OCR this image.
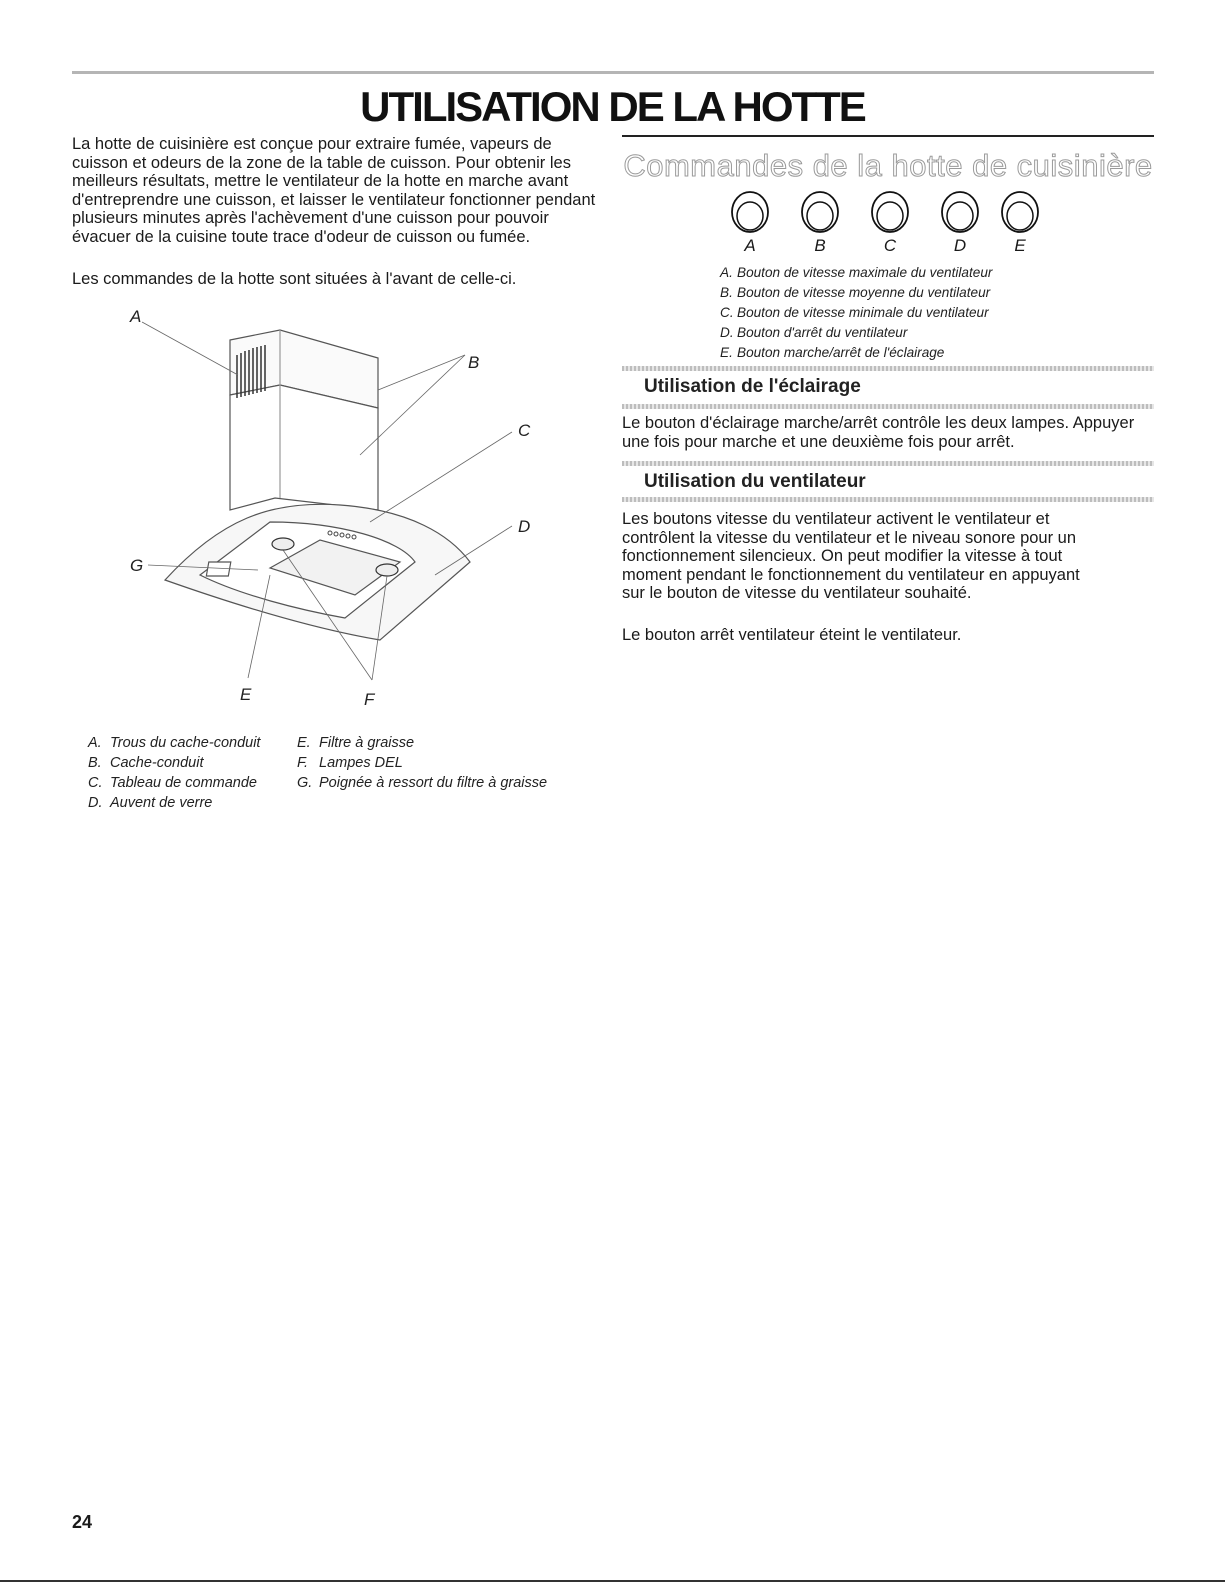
UTILISATION DE LA HOTTE

La hotte de cuisinière est conçue pour extraire fumée, vapeurs de cuisson et odeurs de la zone de la table de cuisson. Pour obtenir les meilleurs résultats, mettre le ventilateur de la hotte en marche avant d'entreprendre une cuisson, et laisser le ventilateur fonctionner pendant plusieurs minutes après l'achèvement d'une cuisson pour pouvoir évacuer de la cuisine toute trace d'odeur de cuisson ou fumée.

Les commandes de la hotte sont situées à l'avant de celle-ci.

A
B
C
D
G
E	F
A. Trous du cache-conduit
B. Cache-conduit
C. Tableau de commande
D. Auvent de verre
E. Filtre à graisse
F. Lampes DEL
G. Poignée à ressort du filtre à graisse
Commandes de la hotte de cuisinière
A	B	C	D	E
A. Bouton de vitesse maximale du ventilateur
B. Bouton de vitesse moyenne du ventilateur
C. Bouton de vitesse minimale du ventilateur
D. Bouton d'arrêt du ventilateur
E. Bouton marche/arrêt de l'éclairage
Utilisation de l'éclairage

Le bouton d'éclairage marche/arrêt contrôle les deux lampes. Appuyer une fois pour marche et une deuxième fois pour arrêt.

Utilisation du ventilateur

Les boutons vitesse du ventilateur activent le ventilateur et contrôlent la vitesse du ventilateur et le niveau sonore pour un fonctionnement silencieux. On peut modifier la vitesse à tout moment pendant le fonctionnement du ventilateur en appuyant sur le bouton de vitesse du ventilateur souhaité.

Le bouton arrêt ventilateur éteint le ventilateur.

24
